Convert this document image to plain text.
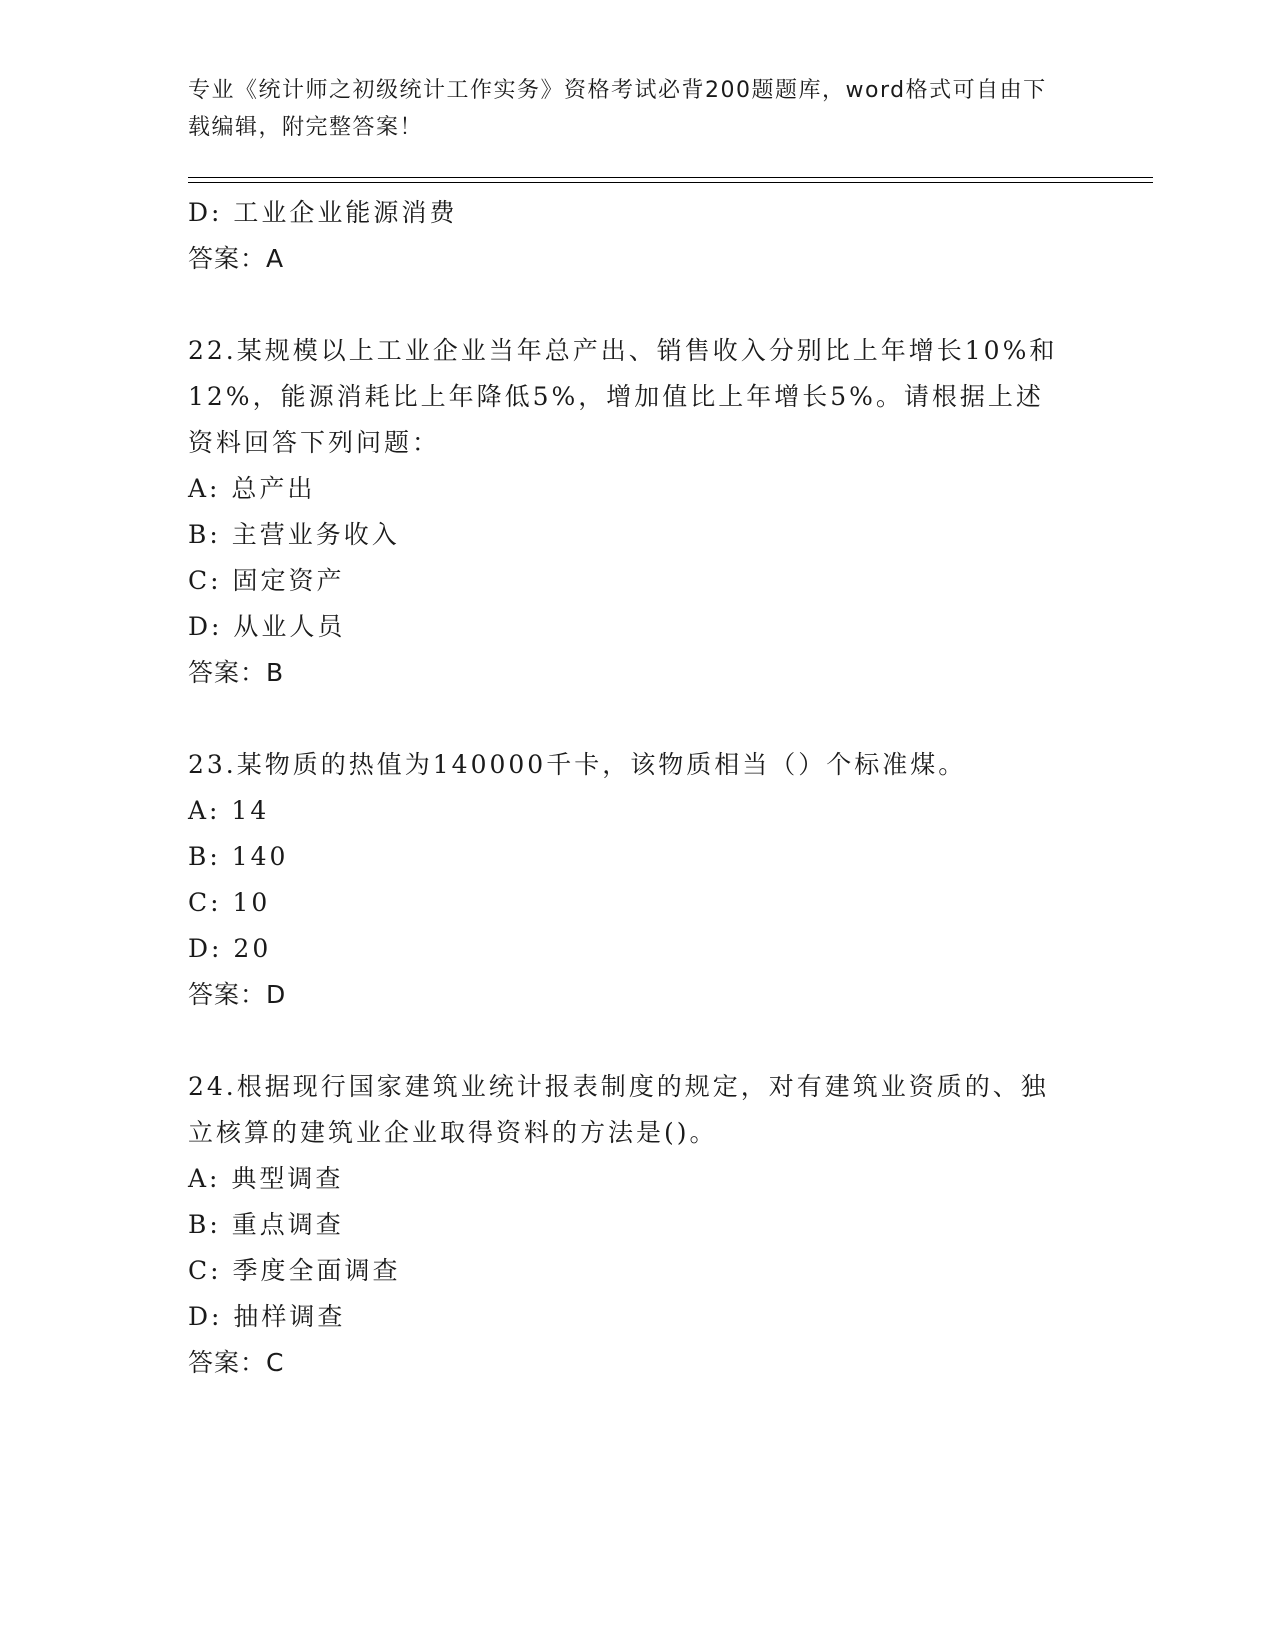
专业《统计师之初级统计工作实务》资格考试必背200题题库，word格式可自由下载编辑，附完整答案！
D: 工业企业能源消费
答案：A
22.某规模以上工业企业当年总产出、销售收入分别比上年增长10%和12%，能源消耗比上年降低5%，增加值比上年增长5%。请根据上述资料回答下列问题：
A: 总产出
B: 主营业务收入
C: 固定资产
D: 从业人员
答案：B
23.某物质的热值为140000千卡，该物质相当（）个标准煤。
A: 14
B: 140
C: 10
D: 20
答案：D
24.根据现行国家建筑业统计报表制度的规定，对有建筑业资质的、独立核算的建筑业企业取得资料的方法是()。
A: 典型调查
B: 重点调查
C: 季度全面调查
D: 抽样调查
答案：C
